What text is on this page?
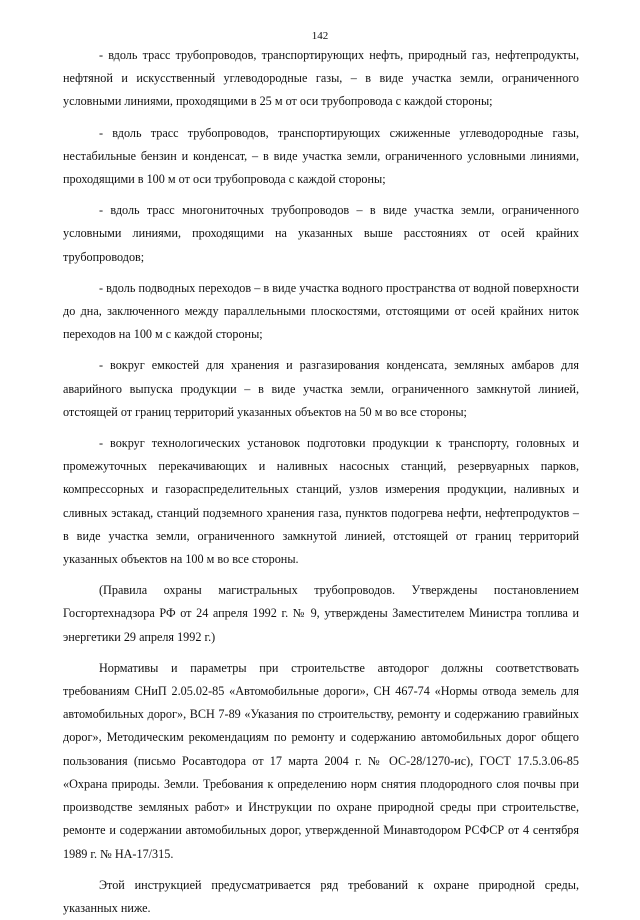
142

- вдоль трасс трубопроводов, транспортирующих нефть, природный газ, нефтепродукты, нефтяной и искусственный углеводородные газы, – в виде участка земли, ограниченного условными линиями, проходящими в 25 м от оси трубопровода с каждой стороны;

- вдоль трасс трубопроводов, транспортирующих сжиженные углеводородные газы, нестабильные бензин и конденсат, – в виде участка земли, ограниченного условными линиями, проходящими в 100 м от оси трубопровода с каждой стороны;

- вдоль трасс многониточных трубопроводов – в виде участка земли, ограниченного условными линиями, проходящими на указанных выше расстояниях от осей крайних трубопроводов;

- вдоль подводных переходов – в виде участка водного пространства от водной поверхности до дна, заключенного между параллельными плоскостями, отстоящими от осей крайних ниток переходов на 100 м с каждой стороны;

- вокруг емкостей для хранения и разгазирования конденсата, земляных амбаров для аварийного выпуска продукции – в виде участка земли, ограниченного замкнутой линией, отстоящей от границ территорий указанных объектов на 50 м во все стороны;

- вокруг технологических установок подготовки продукции к транспорту, головных и промежуточных перекачивающих и наливных насосных станций, резервуарных парков, компрессорных и газораспределительных станций, узлов измерения продукции, наливных и сливных эстакад, станций подземного хранения газа, пунктов подогрева нефти, нефтепродуктов – в виде участка земли, ограниченного замкнутой линией, отстоящей от границ территорий указанных объектов на 100 м во все стороны.

(Правила охраны магистральных трубопроводов. Утверждены постановлением Госгортехнадзора РФ от 24 апреля 1992 г. № 9, утверждены Заместителем Министра топлива и энергетики 29 апреля 1992 г.)

Нормативы и параметры при строительстве автодорог должны соответствовать требованиям СНиП 2.05.02-85 «Автомобильные дороги», СН 467-74 «Нормы отвода земель для автомобильных дорог», ВСН 7-89 «Указания по строительству, ремонту и содержанию гравийных дорог», Методическим рекомендациям по ремонту и содержанию автомобильных дорог общего пользования (письмо Росавтодора от 17 марта 2004 г. № ОС-28/1270-ис), ГОСТ 17.5.3.06-85 «Охрана природы. Земли. Требования к определению норм снятия плодородного слоя почвы при производстве земляных работ» и Инструкции по охране природной среды при строительстве, ремонте и содержании автомобильных дорог, утвержденной Минавтодором РСФСР от 4 сентября 1989 г. № НА-17/315.

Этой инструкцией предусматривается ряд требований к охране природной среды, указанных ниже.
